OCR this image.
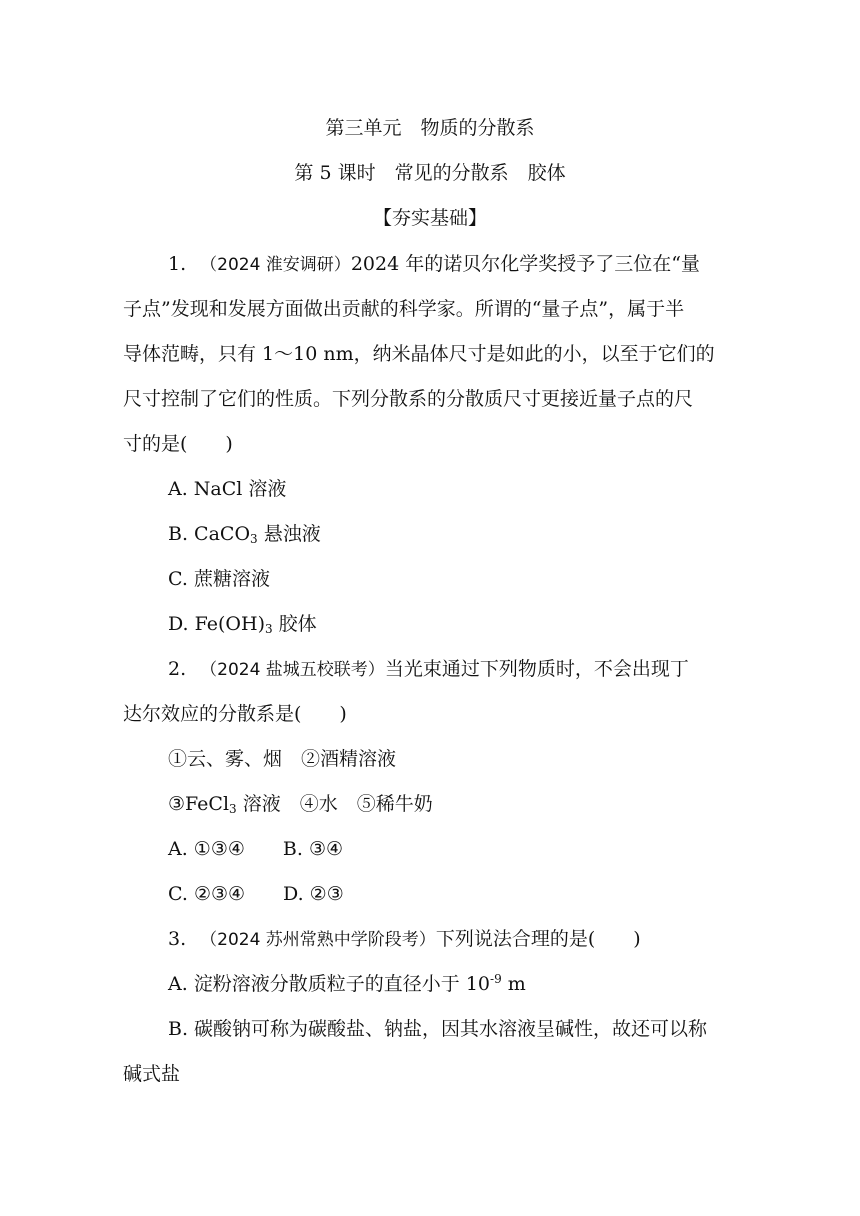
第三单元　物质的分散系
第 5 课时　常见的分散系　胶体
【夯实基础】
1. （2024 淮安调研）2024 年的诺贝尔化学奖授予了三位在“量
子点”发现和发展方面做出贡献的科学家。所谓的“量子点”，属于半
导体范畴，只有 1～10 nm，纳米晶体尺寸是如此的小，以至于它们的
尺寸控制了它们的性质。下列分散系的分散质尺寸更接近量子点的尺
寸的是(　　)
A. NaCl 溶液
B. CaCO$_3$ 悬浊液
C. 蔗糖溶液
D. $Fe(OH)_3$ 胶体
2. （2024 盐城五校联考）当光束通过下列物质时，不会出现丁
达尔效应的分散系是(　　)
①云、雾、烟　②酒精溶液
③FeCl$_3$ 溶液　④水　⑤稀牛奶
A. ①③④ B. ③④
C. ②③④ D. ②③
3. （2024 苏州常熟中学阶段考）下列说法合理的是(　　)
A. 淀粉溶液分散质粒子的直径小于 $10^{-9}$ m
B. 碳酸钠可称为碳酸盐、钠盐，因其水溶液呈碱性，故还可以称
碱式盐
